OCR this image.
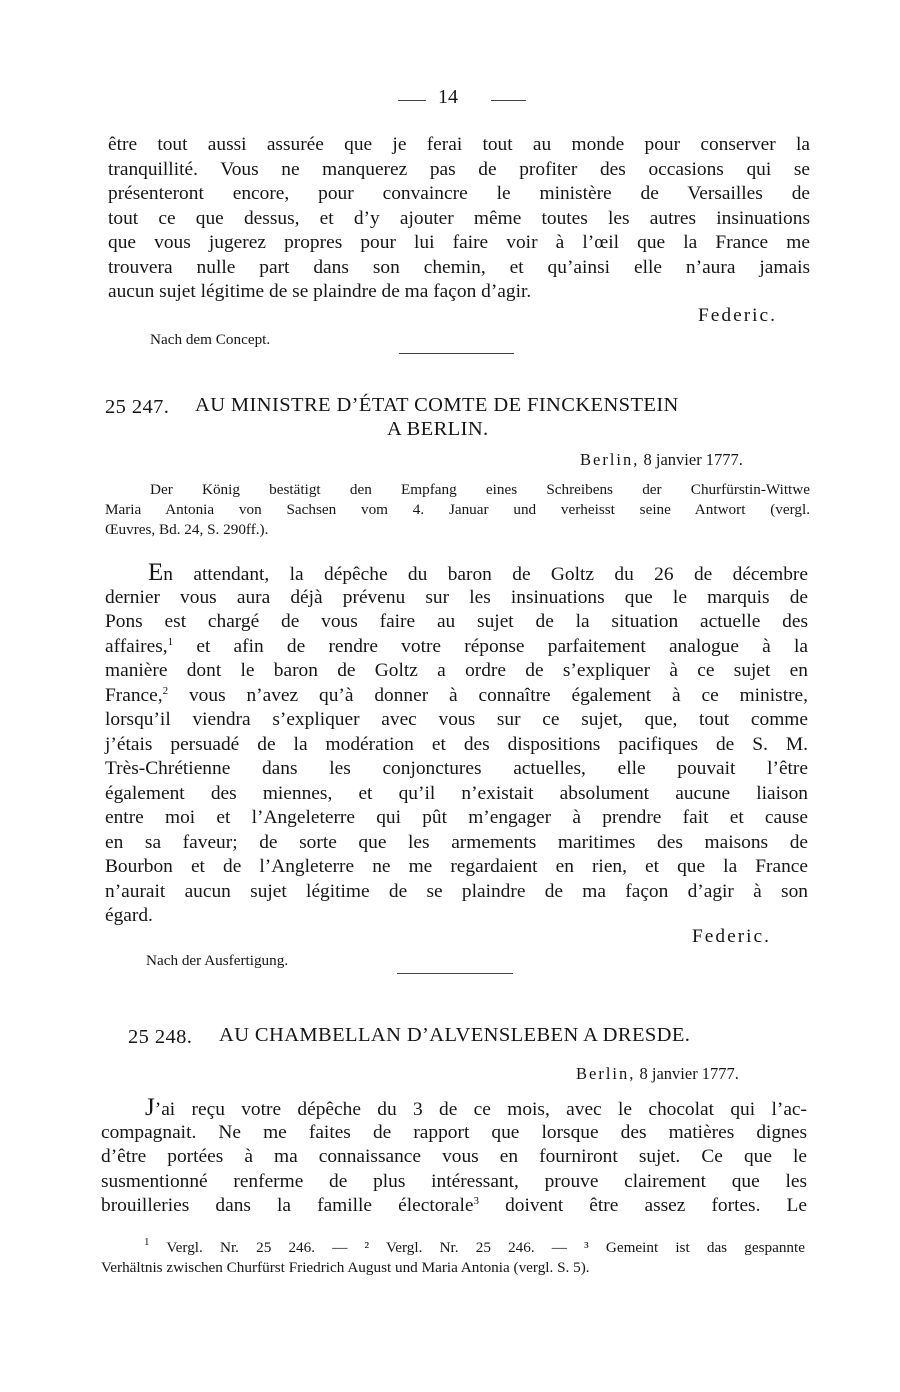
14
être tout aussi assurée que je ferai tout au monde pour conserver la
tranquillité. Vous ne manquerez pas de profiter des occasions qui se
présenteront encore, pour convaincre le ministère de Versailles de
tout ce que dessus, et d’y ajouter même toutes les autres insinuations
que vous jugerez propres pour lui faire voir à l’œil que la France me
trouvera nulle part dans son chemin, et qu’ainsi elle n’aura jamais
aucun sujet légitime de se plaindre de ma façon d’agir.
Federic.
Nach dem Concept.
25 247. AU MINISTRE D’ÉTAT COMTE DE FINCKENSTEIN
A BERLIN.
Berlin, 8 janvier 1777.
Der König bestätigt den Empfang eines Schreibens der Churfürstin-Wittwe
Maria Antonia von Sachsen vom 4. Januar und verheisst seine Antwort (vergl.
Œuvres, Bd. 24, S. 290ff.).
En attendant, la dépêche du baron de Goltz du 26 de décembre
dernier vous aura déjà prévenu sur les insinuations que le marquis de
Pons est chargé de vous faire au sujet de la situation actuelle des
affaires,$^1$ et afin de rendre votre réponse parfaitement analogue à la
manière dont le baron de Goltz a ordre de s’expliquer à ce sujet en
France,$^2$ vous n’avez qu’à donner à connaître également à ce ministre,
lorsqu’il viendra s’expliquer avec vous sur ce sujet, que, tout comme
j’étais persuadé de la modération et des dispositions pacifiques de S. M.
Très-Chrétienne dans les conjonctures actuelles, elle pouvait l’être
également des miennes, et qu’il n’existait absolument aucune liaison
entre moi et l’Angeleterre qui pût m’engager à prendre fait et cause
en sa faveur; de sorte que les armements maritimes des maisons de
Bourbon et de l’Angleterre ne me regardaient en rien, et que la France
n’aurait aucun sujet légitime de se plaindre de ma façon d’agir à son
égard.
Federic.
Nach der Ausfertigung.
25 248. AU CHAMBELLAN D’ALVENSLEBEN A DRESDE.
Berlin, 8 janvier 1777.
J’ai reçu votre dépêche du 3 de ce mois, avec le chocolat qui l’ac-
compagnait. Ne me faites de rapport que lorsque des matières dignes
d’être portées à ma connaissance vous en fourniront sujet. Ce que le
susmentionné renferme de plus intéressant, prouve clairement que les
brouilleries dans la famille électorale$^3$ doivent être assez fortes. Le
$^1$ Vergl. Nr. 25 246. — ² Vergl. Nr. 25 246. — ³ Gemeint ist das gespannte
Verhältnis zwischen Churfürst Friedrich August und Maria Antonia (vergl. S. 5).
